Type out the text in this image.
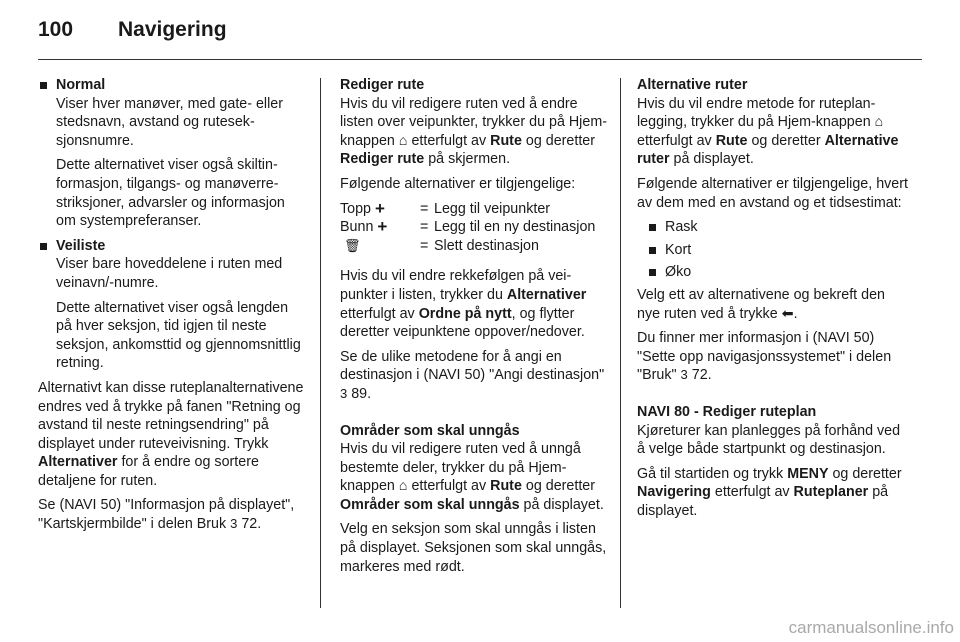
100 Navigering
Normal

Viser hver manøver, med gate- eller stedsnavn, avstand og ruteseksjonsnumre.

Dette alternativet viser også skiltinformasjon, tilgangs- og manøverrestriksjoner, advarsler og informasjon om systempreferanser.

Veiliste

Viser bare hoveddelene i ruten med veinavn/-numre.

Dette alternativet viser også lengden på hver seksjon, tid igjen til neste seksjon, ankomsttid og gjennomsnittlig retning.

Alternativt kan disse ruteplanalternativene endres ved å trykke på fanen "Retning og avstand til neste retningsendring" på displayet under ruteveivisning. Trykk Alternativer for å endre og sortere detaljene for ruten.

Se (NAVI 50) "Informasjon på displayet", "Kartskjermbilde" i delen Bruk 3 72.

Rediger rute

Hvis du vil redigere ruten ved å endre listen over veipunkter, trykker du på Hjem-knappen ⌂ etterfulgt av Rute og deretter Rediger rute på skjermen.

Følgende alternativer er tilgjengelige:

Topp + = Legg til veipunkter
Bunn + = Legg til en ny destinasjon
🗑	= Slett destinasjon

Hvis du vil endre rekkefølgen på veipunkter i listen, trykker du Alternativer etterfulgt av Ordne på nytt, og flytter deretter veipunktene oppover/nedover.

Se de ulike metodene for å angi en destinasjon i (NAVI 50) "Angi destinasjon" 3 89.

Områder som skal unngås

Hvis du vil redigere ruten ved å unngå bestemte deler, trykker du på Hjem-knappen ⌂ etterfulgt av Rute og deretter Områder som skal unngås på displayet.

Velg en seksjon som skal unngås i listen på displayet. Seksjonen som skal unngås, markeres med rødt.

Alternative ruter

Hvis du vil endre metode for ruteplanlegging, trykker du på Hjem-knappen ⌂ etterfulgt av Rute og deretter Alternative ruter på displayet.

Følgende alternativer er tilgjengelige, hvert av dem med en avstand og et tidsestimat:

Rask
Kort
Øko

Velg ett av alternativene og bekreft den nye ruten ved å trykke ⬅.

Du finner mer informasjon i (NAVI 50) "Sette opp navigasjonssystemet" i delen "Bruk" 3 72.

NAVI 80 - Rediger ruteplan

Kjøreturer kan planlegges på forhånd ved å velge både startpunkt og destinasjon.

Gå til startiden og trykk MENY og deretter Navigering etterfulgt av Ruteplaner på displayet.

carmanualsonline.info
